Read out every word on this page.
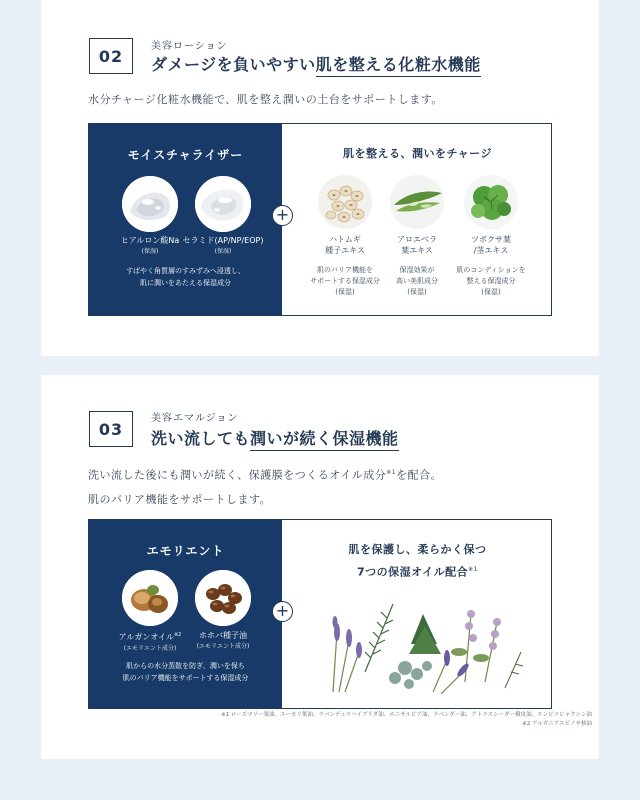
02	美容ローション
ダメージを負いやすい肌を整える化粧水機能
水分チャージ化粧水機能で、肌を整え潤いの土台をサポートします。
モイスチャライザー
ヒアルロン酸Na
(保湿)
セラミド(AP/NP/EOP)
(保湿)
すばやく角質層のすみずみへ浸透し、
肌に潤いをあたえる保湿成分
+
肌を整える、潤いをチャージ
ハトムギ
種子エキス
アロエベラ
葉エキス
ツボクサ葉
/茎エキス
肌のバリア機能を
サポートする保湿成分
(保湿)
保湿効果が
高い美肌成分
(保湿)
肌のコンディションを
整える保湿成分
(保湿)
03
美容エマルジョン
洗い流しても潤いが続く保湿機能
洗い流した後にも潤いが続く、保護膜をつくるオイル成分$^{※1}$を配合。
肌のバリア機能をサポートします。
エモリエント
アルガンオイル$^{※2}$
(エモリエント成分)
ホホバ種子油
(エモリエント成分)
肌からの水分蒸散を防ぎ、潤いを保ち
肌のバリア機能をサポートする保湿成分
+
肌を保護し、柔らかく保つ
7つの保湿オイル配合$^{※1}$
※1 ローズマリー葉油、ユーカリ葉油、ラバンデュラハイブリダ油、ホニサルビア油、ラベンダー油、アトラスシーダー樹皮油、エンピツビャクシン油
※2 アルガニアスピノサ核油
